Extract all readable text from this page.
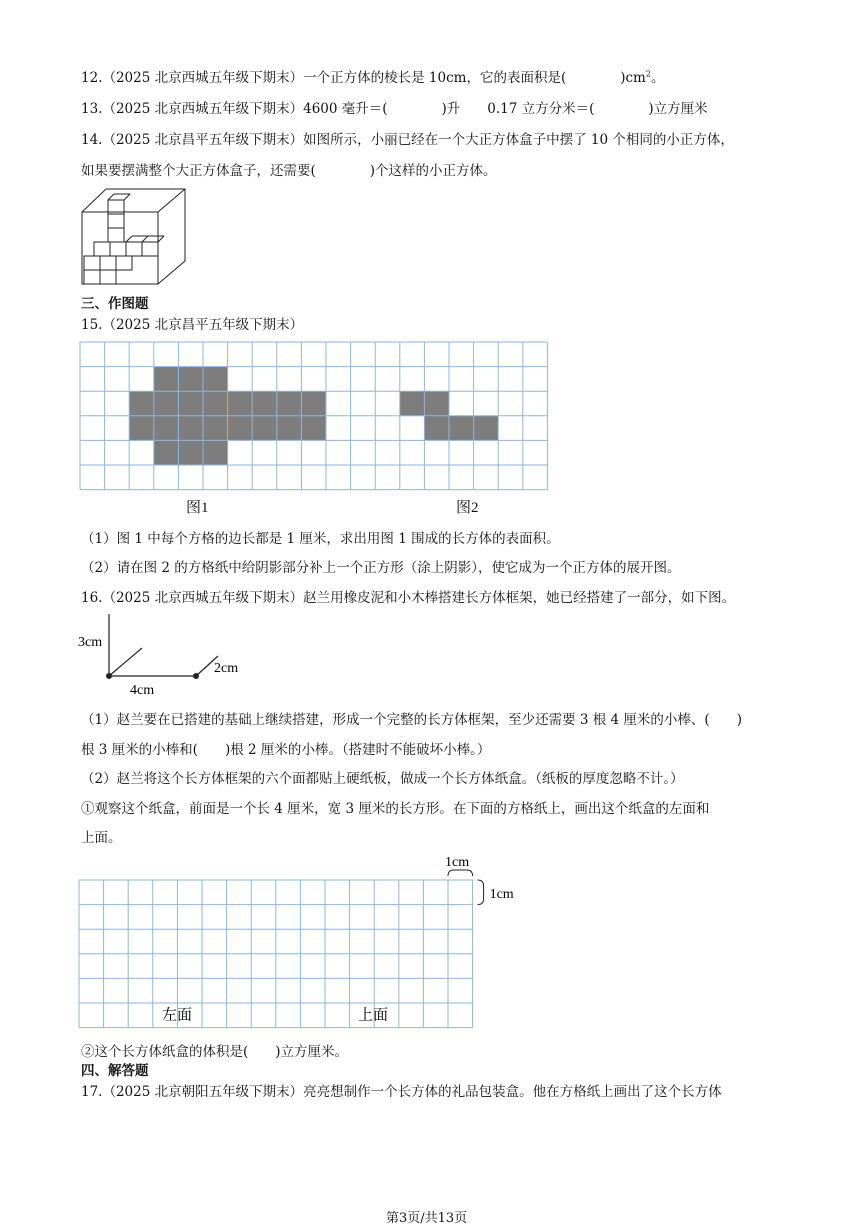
12.（2025 北京西城五年级下期末）一个正方体的棱长是 10cm，它的表面积是(　　　　)$cm^2$。
13.（2025 北京西城五年级下期末）4600 毫升＝(　　　　)升　　0.17 立方分米＝(　　　　)立方厘米
14.（2025 北京昌平五年级下期末）如图所示，小丽已经在一个大正方体盒子中摆了 10 个相同的小正方体，
如果要摆满整个大正方体盒子，还需要(　　　　)个这样的小正方体。
三、作图题
15.（2025 北京昌平五年级下期末）
图1	图2
（1）图 1 中每个方格的边长都是 1 厘米，求出用图 1 围成的长方体的表面积。
（2）请在图 2 的方格纸中给阴影部分补上一个正方形（涂上阴影），使它成为一个正方体的展开图。
16.（2025 北京西城五年级下期末）赵兰用橡皮泥和小木棒搭建长方体框架，她已经搭建了一部分，如下图。
3cm
2cm
4cm
（1）赵兰要在已搭建的基础上继续搭建，形成一个完整的长方体框架，至少还需要 3 根 4 厘米的小棒、(　　)
根 3 厘米的小棒和(　　)根 2 厘米的小棒。（搭建时不能破坏小棒。）
（2）赵兰将这个长方体框架的六个面都贴上硬纸板，做成一个长方体纸盒。（纸板的厚度忽略不计。）
①观察这个纸盒，前面是一个长 4 厘米，宽 3 厘米的长方形。在下面的方格纸上，画出这个纸盒的左面和
上面。
1cm
1cm
左面	上面
②这个长方体纸盒的体积是(　　)立方厘米。
四、解答题
17.（2025 北京朝阳五年级下期末）亮亮想制作一个长方体的礼品包装盒。他在方格纸上画出了这个长方体
第3页/共13页
